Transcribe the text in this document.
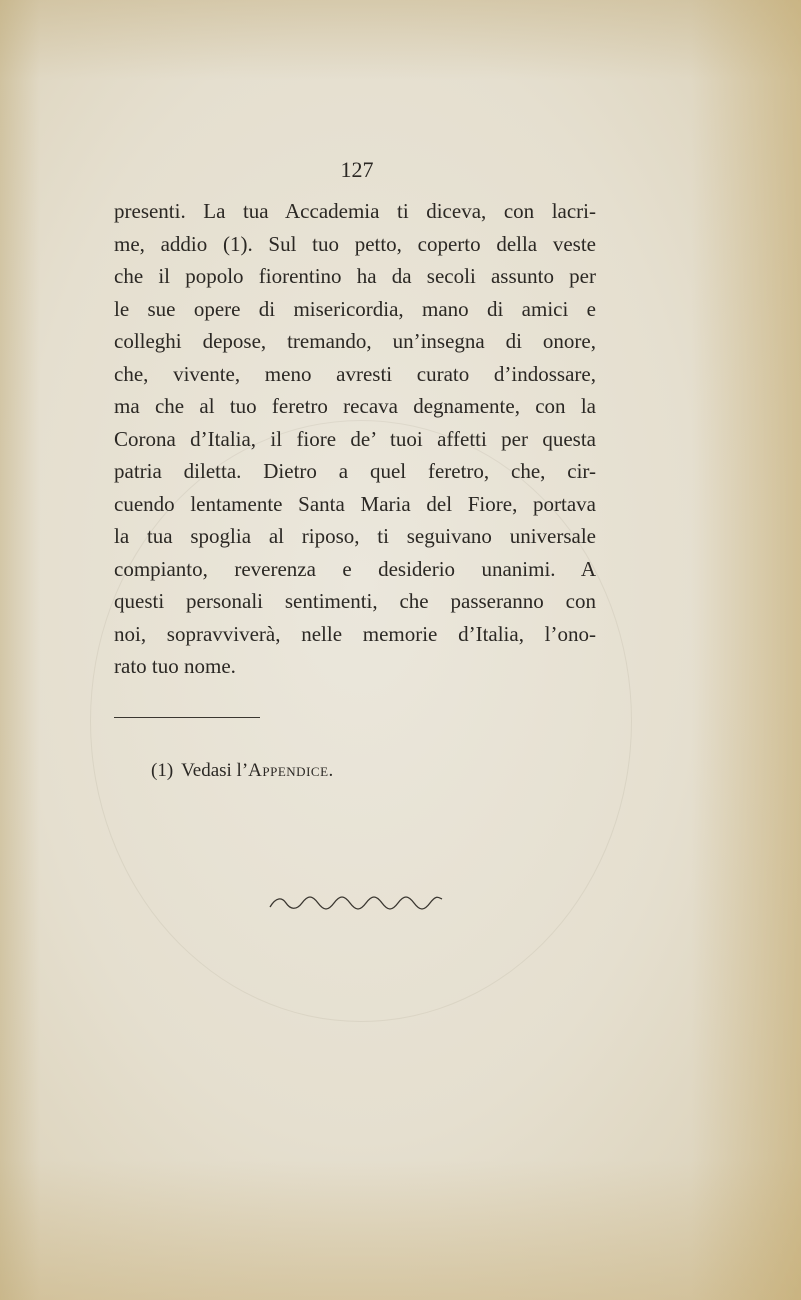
127
presenti. La tua Accademia ti diceva, con lacri-
me, addio (1). Sul tuo petto, coperto della veste
che il popolo fiorentino ha da secoli assunto per
le sue opere di misericordia, mano di amici e
colleghi depose, tremando, un’insegna di onore,
che, vivente, meno avresti curato d’indossare,
ma che al tuo feretro recava degnamente, con la
Corona d’Italia, il fiore de’ tuoi affetti per questa
patria diletta. Dietro a quel feretro, che, cir-
cuendo lentamente Santa Maria del Fiore, portava
la tua spoglia al riposo, ti seguivano universale
compianto, reverenza e desiderio unanimi. A
questi personali sentimenti, che passeranno con
noi, sopravviverà, nelle memorie d’Italia, l’ono-
rato tuo nome.
(1) Vedasi l’Appendice.
